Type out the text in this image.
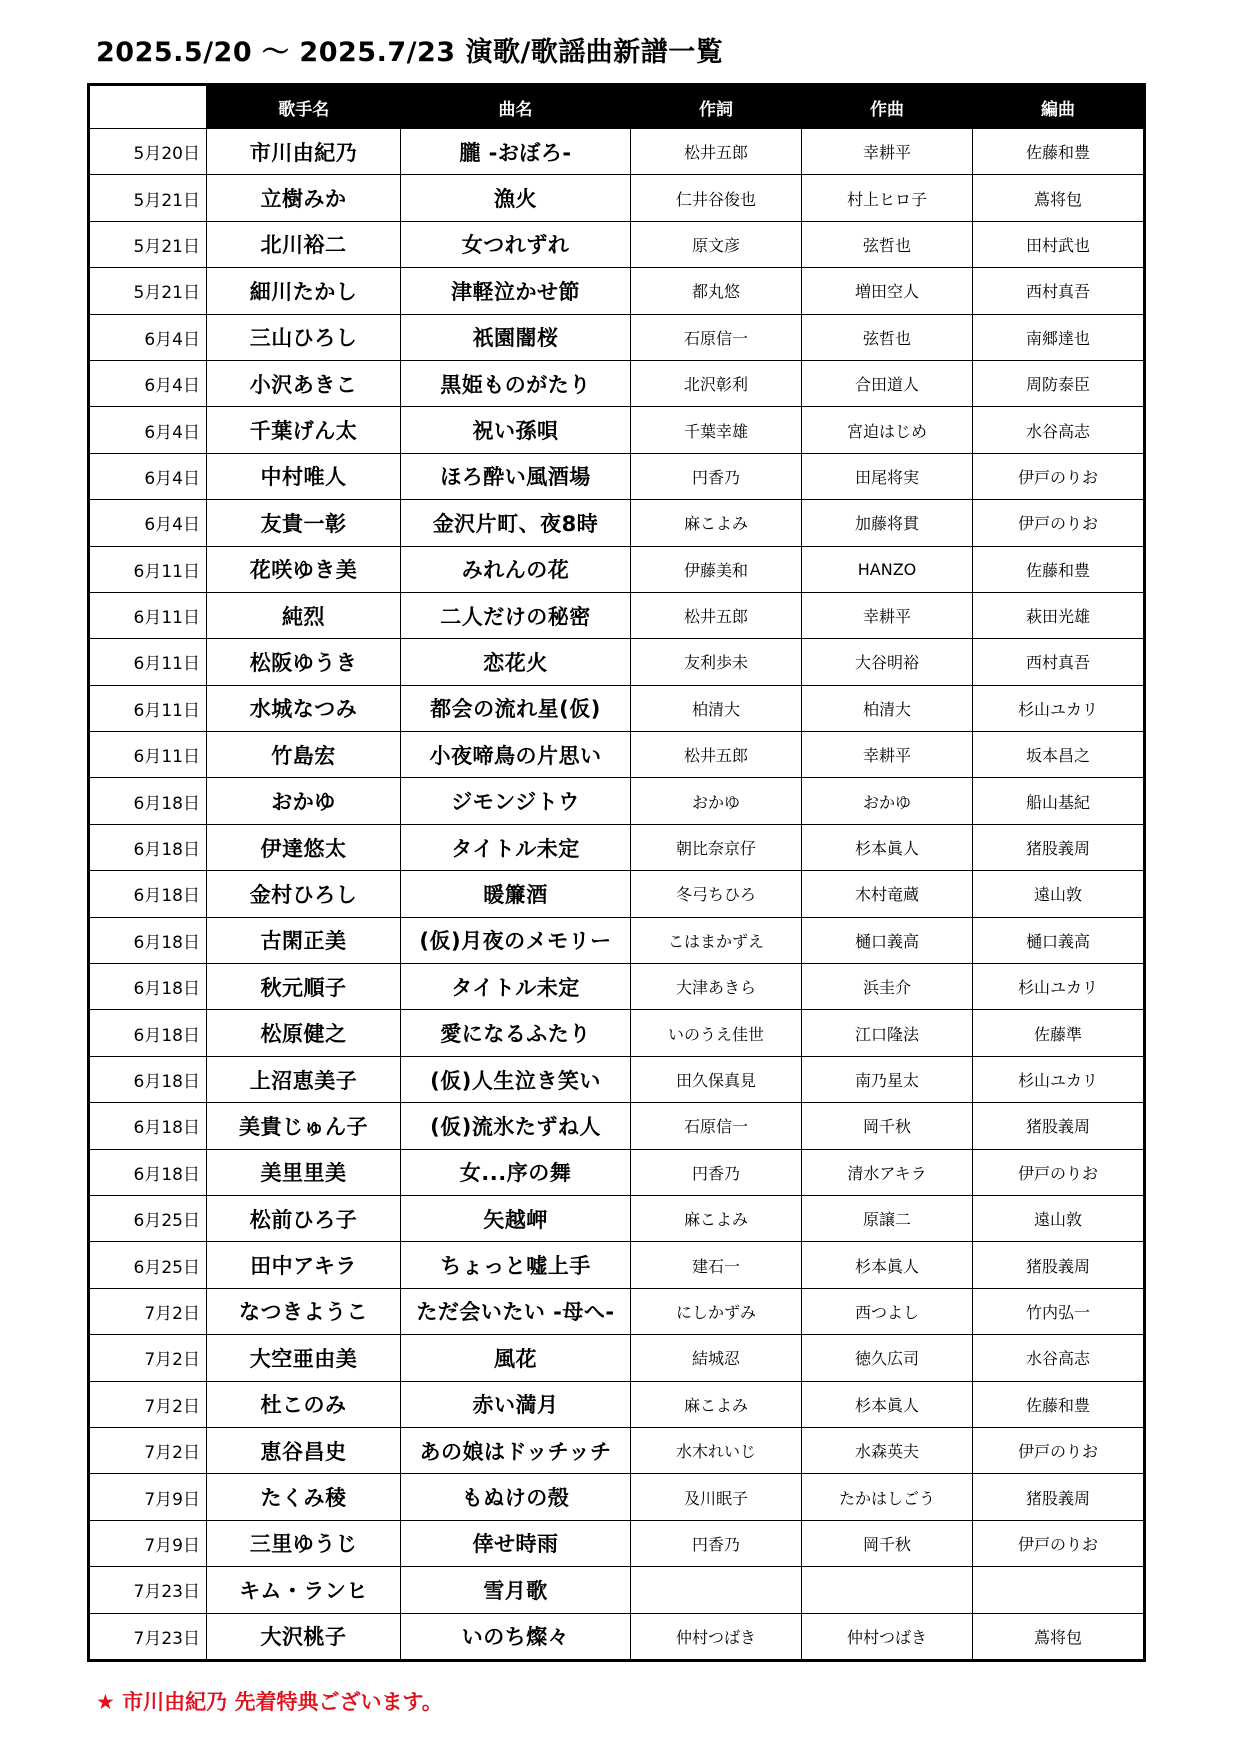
2025.5/20 〜 2025.7/23 演歌/歌謡曲新譜一覧
	歌手名	曲名	作詞	作曲	編曲
5月20日	市川由紀乃	朧 -おぼろ-	松井五郎	幸耕平	佐藤和豊
5月21日	立樹みか	漁火	仁井谷俊也	村上ヒロ子	蔦将包
5月21日	北川裕二	女つれずれ	原文彦	弦哲也	田村武也
5月21日	細川たかし	津軽泣かせ節	都丸悠	増田空人	西村真吾
6月4日	三山ひろし	祇園闇桜	石原信一	弦哲也	南郷達也
6月4日	小沢あきこ	黒姫ものがたり	北沢彰利	合田道人	周防泰臣
6月4日	千葉げん太	祝い孫唄	千葉幸雄	宮迫はじめ	水谷高志
6月4日	中村唯人	ほろ酔い風酒場	円香乃	田尾将実	伊戸のりお
6月4日	友貴一彰	金沢片町、夜8時	麻こよみ	加藤将貫	伊戸のりお
6月11日	花咲ゆき美	みれんの花	伊藤美和	HANZO	佐藤和豊
6月11日	純烈	二人だけの秘密	松井五郎	幸耕平	萩田光雄
6月11日	松阪ゆうき	恋花火	友利歩未	大谷明裕	西村真吾
6月11日	水城なつみ	都会の流れ星(仮)	柏清大	柏清大	杉山ユカリ
6月11日	竹島宏	小夜啼鳥の片思い	松井五郎	幸耕平	坂本昌之
6月18日	おかゆ	ジモンジトウ	おかゆ	おかゆ	船山基紀
6月18日	伊達悠太	タイトル未定	朝比奈京仔	杉本眞人	猪股義周
6月18日	金村ひろし	暖簾酒	冬弓ちひろ	木村竜蔵	遠山敦
6月18日	古閑正美	(仮)月夜のメモリー	こはまかずえ	樋口義高	樋口義高
6月18日	秋元順子	タイトル未定	大津あきら	浜圭介	杉山ユカリ
6月18日	松原健之	愛になるふたり	いのうえ佳世	江口隆法	佐藤準
6月18日	上沼恵美子	(仮)人生泣き笑い	田久保真見	南乃星太	杉山ユカリ
6月18日	美貴じゅん子	(仮)流氷たずね人	石原信一	岡千秋	猪股義周
6月18日	美里里美	女...序の舞	円香乃	清水アキラ	伊戸のりお
6月25日	松前ひろ子	矢越岬	麻こよみ	原譲二	遠山敦
6月25日	田中アキラ	ちょっと嘘上手	建石一	杉本眞人	猪股義周
7月2日	なつきようこ	ただ会いたい -母へ-	にしかずみ	西つよし	竹内弘一
7月2日	大空亜由美	風花	結城忍	徳久広司	水谷高志
7月2日	杜このみ	赤い満月	麻こよみ	杉本眞人	佐藤和豊
7月2日	恵谷昌史	あの娘はドッチッチ	水木れいじ	水森英夫	伊戸のりお
7月9日	たくみ稜	もぬけの殻	及川眠子	たかはしごう	猪股義周
7月9日	三里ゆうじ	倖せ時雨	円香乃	岡千秋	伊戸のりお
7月23日	キム・ランヒ	雪月歌			
7月23日	大沢桃子	いのち燦々	仲村つばき	仲村つばき	蔦将包
★ 市川由紀乃 先着特典ございます。
